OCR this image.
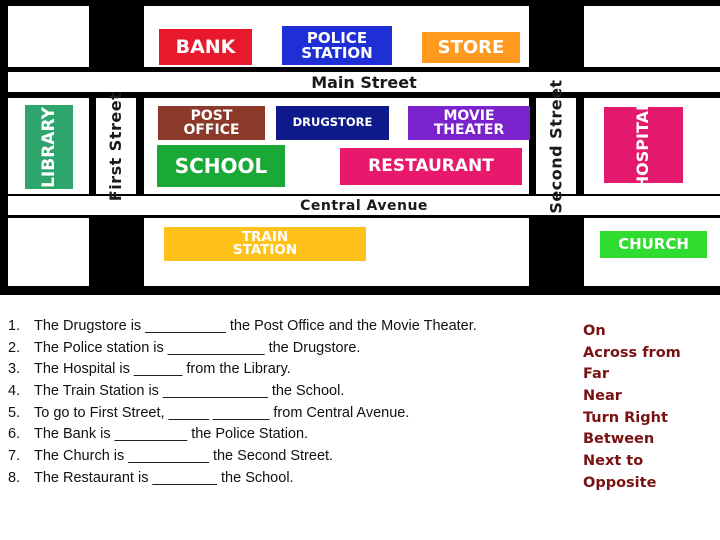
Main Street
Central Avenue
First Street	Second Street
BANK	POLICE
STATION	STORE
LIBRARY	POST
OFFICE	DRUGSTORE	MOVIE
THEATER	HOSPITAL
SCHOOL	RESTAURANT
TRAIN
STATION	CHURCH
1. The Drugstore is __________ the Post Office and the Movie Theater.
2. The Police station is ____________ the Drugstore.
3. The Hospital is ______ from the Library.
4. The Train Station is _____________ the School.
5. To go to First Street, _____ _______ from Central Avenue.
6. The Bank is _________ the Police Station.
7. The Church is __________ the Second Street.
8. The Restaurant is ________ the School.
On
Across from
Far
Near
Turn Right
Between
Next to
Opposite
